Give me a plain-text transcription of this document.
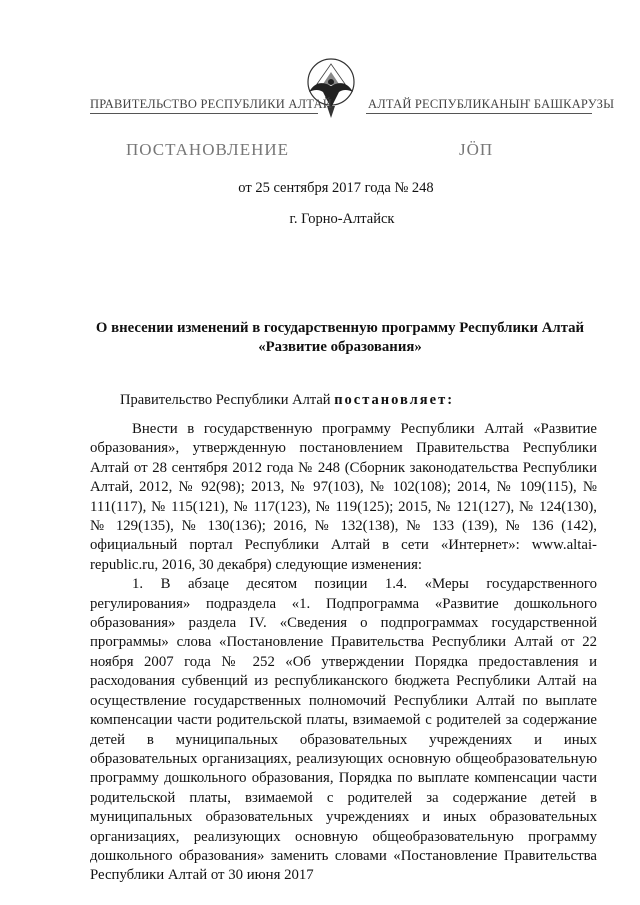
ПРАВИТЕЛЬСТВО РЕСПУБЛИКИ АЛТАЙ	АЛТАЙ РЕСПУБЛИКАНЫҤ БАШКАРУЗЫ
ПОСТАНОВЛЕНИЕ	ЈӦП
от 25 сентября 2017 года № 248
г. Горно-Алтайск
О внесении изменений в государственную программу Республики Алтай
«Развитие образования»
Правительство Республики Алтай постановляет:

Внести в государственную программу Республики Алтай «Развитие образования», утвержденную постановлением Правительства Республики Алтай от 28 сентября 2012 года № 248 (Сборник законодательства Республики Алтай, 2012, № 92(98); 2013, № 97(103), № 102(108); 2014, № 109(115), № 111(117), № 115(121), № 117(123), № 119(125); 2015, № 121(127), № 124(130), № 129(135), № 130(136); 2016, № 132(138), № 133 (139), № 136 (142), официальный портал Республики Алтай в сети «Интернет»: www.altai-republic.ru, 2016, 30 декабря) следующие изменения:

1. В абзаце десятом позиции 1.4. «Меры государственного регулирования» подраздела «1. Подпрограмма «Развитие дошкольного образования» раздела IV. «Сведения о подпрограммах государственной программы» слова «Постановление Правительства Республики Алтай от 22 ноября 2007 года № 252 «Об утверждении Порядка предоставления и расходования субвенций из республиканского бюджета Республики Алтай на осуществление государственных полномочий Республики Алтай по выплате компенсации части родительской платы, взимаемой с родителей за содержание детей в муниципальных образовательных учреждениях и иных образовательных организациях, реализующих основную общеобразовательную программу дошкольного образования, Порядка по выплате компенсации части родительской платы, взимаемой с родителей за содержание детей в муниципальных образовательных учреждениях и иных образовательных организациях, реализующих основную общеобразовательную программу дошкольного образования» заменить словами «Постановление Правительства Республики Алтай от 30 июня 2017
